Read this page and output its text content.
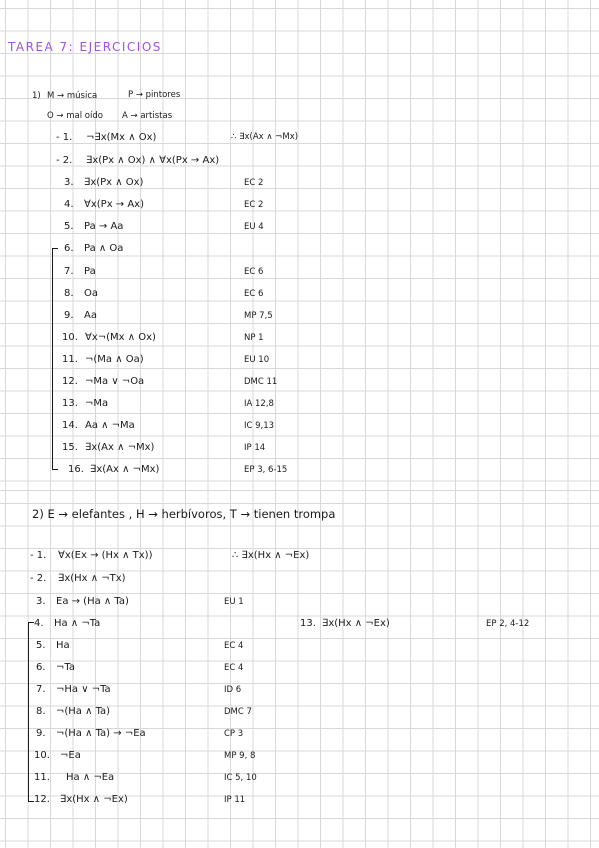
TAREA 7: EJERCICIOS
1) M → música	P → pintores
O → mal oído A → artistas
∴ ∃x(Ax ∧ ¬Mx)
- 1. ¬∃x(Mx ∧ Ox)
- 2. ∃x(Px ∧ Ox) ∧ ∀x(Px → Ax)
3. ∃x(Px ∧ Ox)	EC 2
4. ∀x(Px → Ax)	EC 2
5. Pa → Aa	EU 4
6. Pa ∧ Oa
7. Pa	EC 6
8. Oa	EC 6
9. Aa	MP 7,5
10. ∀x¬(Mx ∧ Ox)	NP 1
11. ¬(Ma ∧ Oa)	EU 10
12. ¬Ma ∨ ¬Oa	DMC 11
13. ¬Ma	IA 12,8
14. Aa ∧ ¬Ma	IC 9,13
15. ∃x(Ax ∧ ¬Mx)	IP 14
16. ∃x(Ax ∧ ¬Mx)	EP 3, 6-15
2) E → elefantes , H → herbívoros, T → tienen trompa
∴ ∃x(Hx ∧ ¬Ex)
- 1. ∀x(Ex → (Hx ∧ Tx))
- 2. ∃x(Hx ∧ ¬Tx)
3. Ea → (Ha ∧ Ta)	EU 1
4. Ha ∧ ¬Ta
5. Ha	EC 4
6. ¬Ta	EC 4
7. ¬Ha ∨ ¬Ta	ID 6
8. ¬(Ha ∧ Ta)	DMC 7
9. ¬(Ha ∧ Ta) → ¬Ea	CP 3
10. ¬Ea	MP 9, 8
11. Ha ∧ ¬Ea	IC 5, 10
12. ∃x(Hx ∧ ¬Ex)	IP 11
13. ∃x(Hx ∧ ¬Ex)	EP 2, 4-12
